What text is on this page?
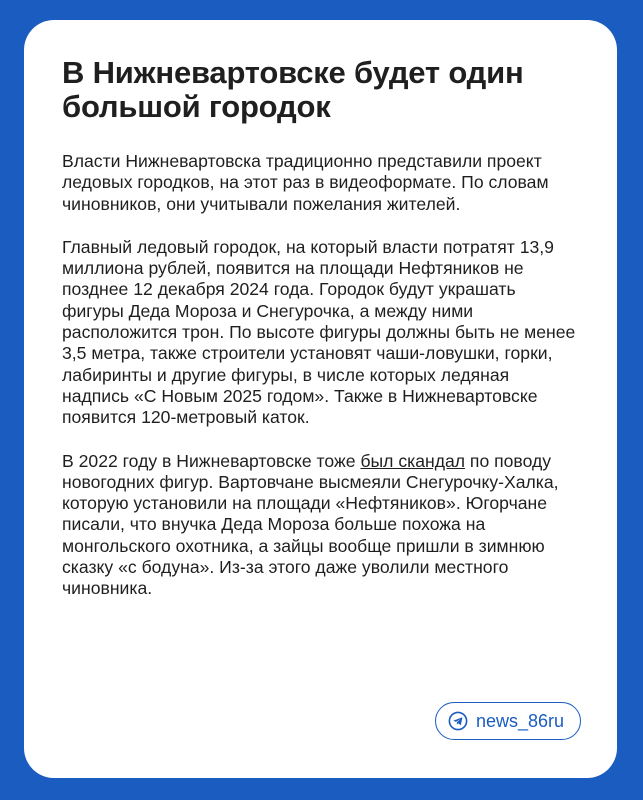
В Нижневартовске будет один большой городок

Власти Нижневартовска традиционно представили проект ледовых городков, на этот раз в видеоформате. По словам чиновников, они учитывали пожелания жителей.

Главный ледовый городок, на который власти потратят 13,9 миллиона рублей, появится на площади Нефтяников не позднее 12 декабря 2024 года. Городок будут украшать фигуры Деда Мороза и Снегурочка, а между ними расположится трон. По высоте фигуры должны быть не менее 3,5 метра, также строители установят чаши-ловушки, горки, лабиринты и другие фигуры, в числе которых ледяная надпись «С Новым 2025 годом». Также в Нижневартовске появится 120-метровый каток.

В 2022 году в Нижневартовске тоже был скандал по поводу новогодних фигур. Вартовчане высмеяли Снегурочку-Халка, которую установили на площади «Нефтяников». Югорчане писали, что внучка Деда Мороза больше похожа на монгольского охотника, а зайцы вообще пришли в зимнюю сказку «с бодуна». Из-за этого даже уволили местного чиновника.

news_86ru
